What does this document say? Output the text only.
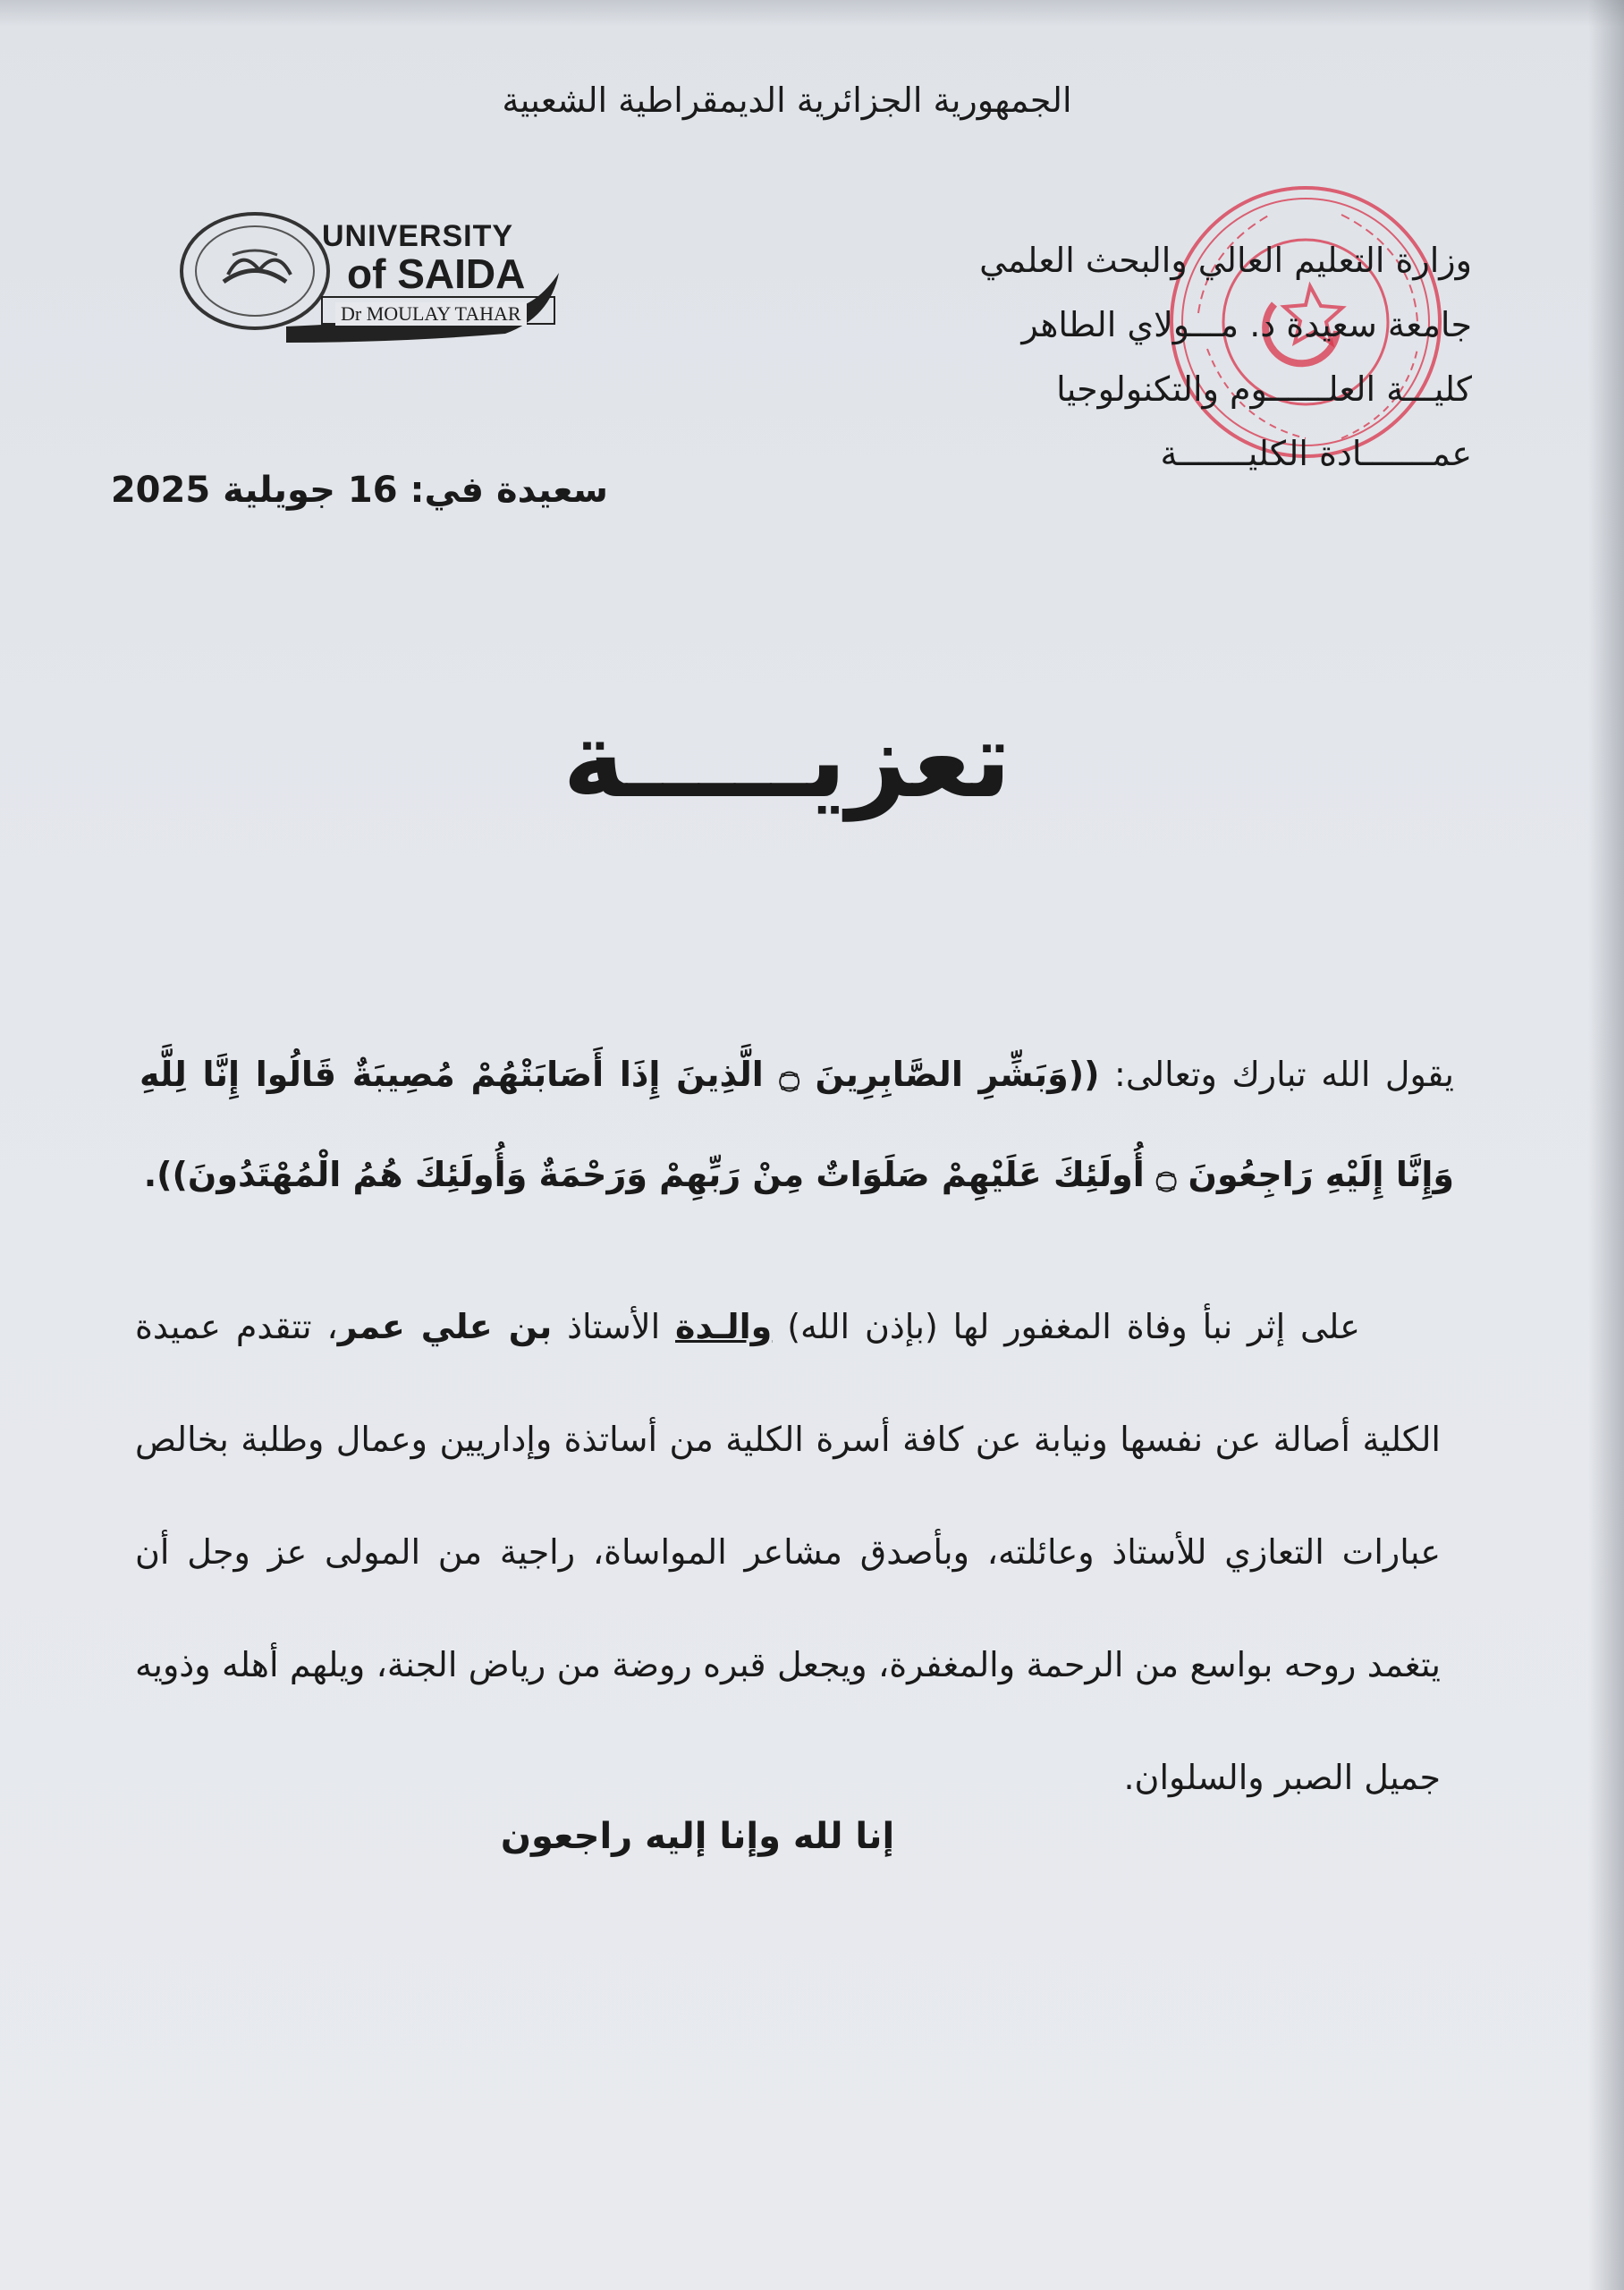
الجمهورية الجزائرية الديمقراطية الشعبية
وزارة التعليم العالي والبحث العلمي
جامعة سعيدة د. مـــولاي الطاهر
كليـــة العلــــــوم والتكنولوجيا
عمـــــــادة الكليـــــــة
UNIVERSITY
of SAIDA
Dr MOULAY TAHAR
سعيدة في: 16 جويلية 2025
تعزيـــــة
يقول الله تبارك وتعالى: ((وَبَشِّرِ الصَّابِرِينَ ۝ الَّذِينَ إِذَا أَصَابَتْهُمْ مُصِيبَةٌ قَالُوا إِنَّا لِلَّهِ وَإِنَّا إِلَيْهِ رَاجِعُونَ ۝ أُولَئِكَ عَلَيْهِمْ صَلَوَاتٌ مِنْ رَبِّهِمْ وَرَحْمَةٌ وَأُولَئِكَ هُمُ الْمُهْتَدُونَ)).
على إثر نبأ وفاة المغفور لها (بإذن الله) والـدة الأستاذ بن علي عمر، تتقدم عميدة الكلية أصالة عن نفسها ونيابة عن كافة أسرة الكلية من أساتذة وإداريين وعمال وطلبة بخالص عبارات التعازي للأستاذ وعائلته، وبأصدق مشاعر المواساة، راجية من المولى عز وجل أن يتغمد روحه بواسع من الرحمة والمغفرة، ويجعل قبره روضة من رياض الجنة، ويلهم أهله وذويه جميل الصبر والسلوان.
إنا لله وإنا إليه راجعون
